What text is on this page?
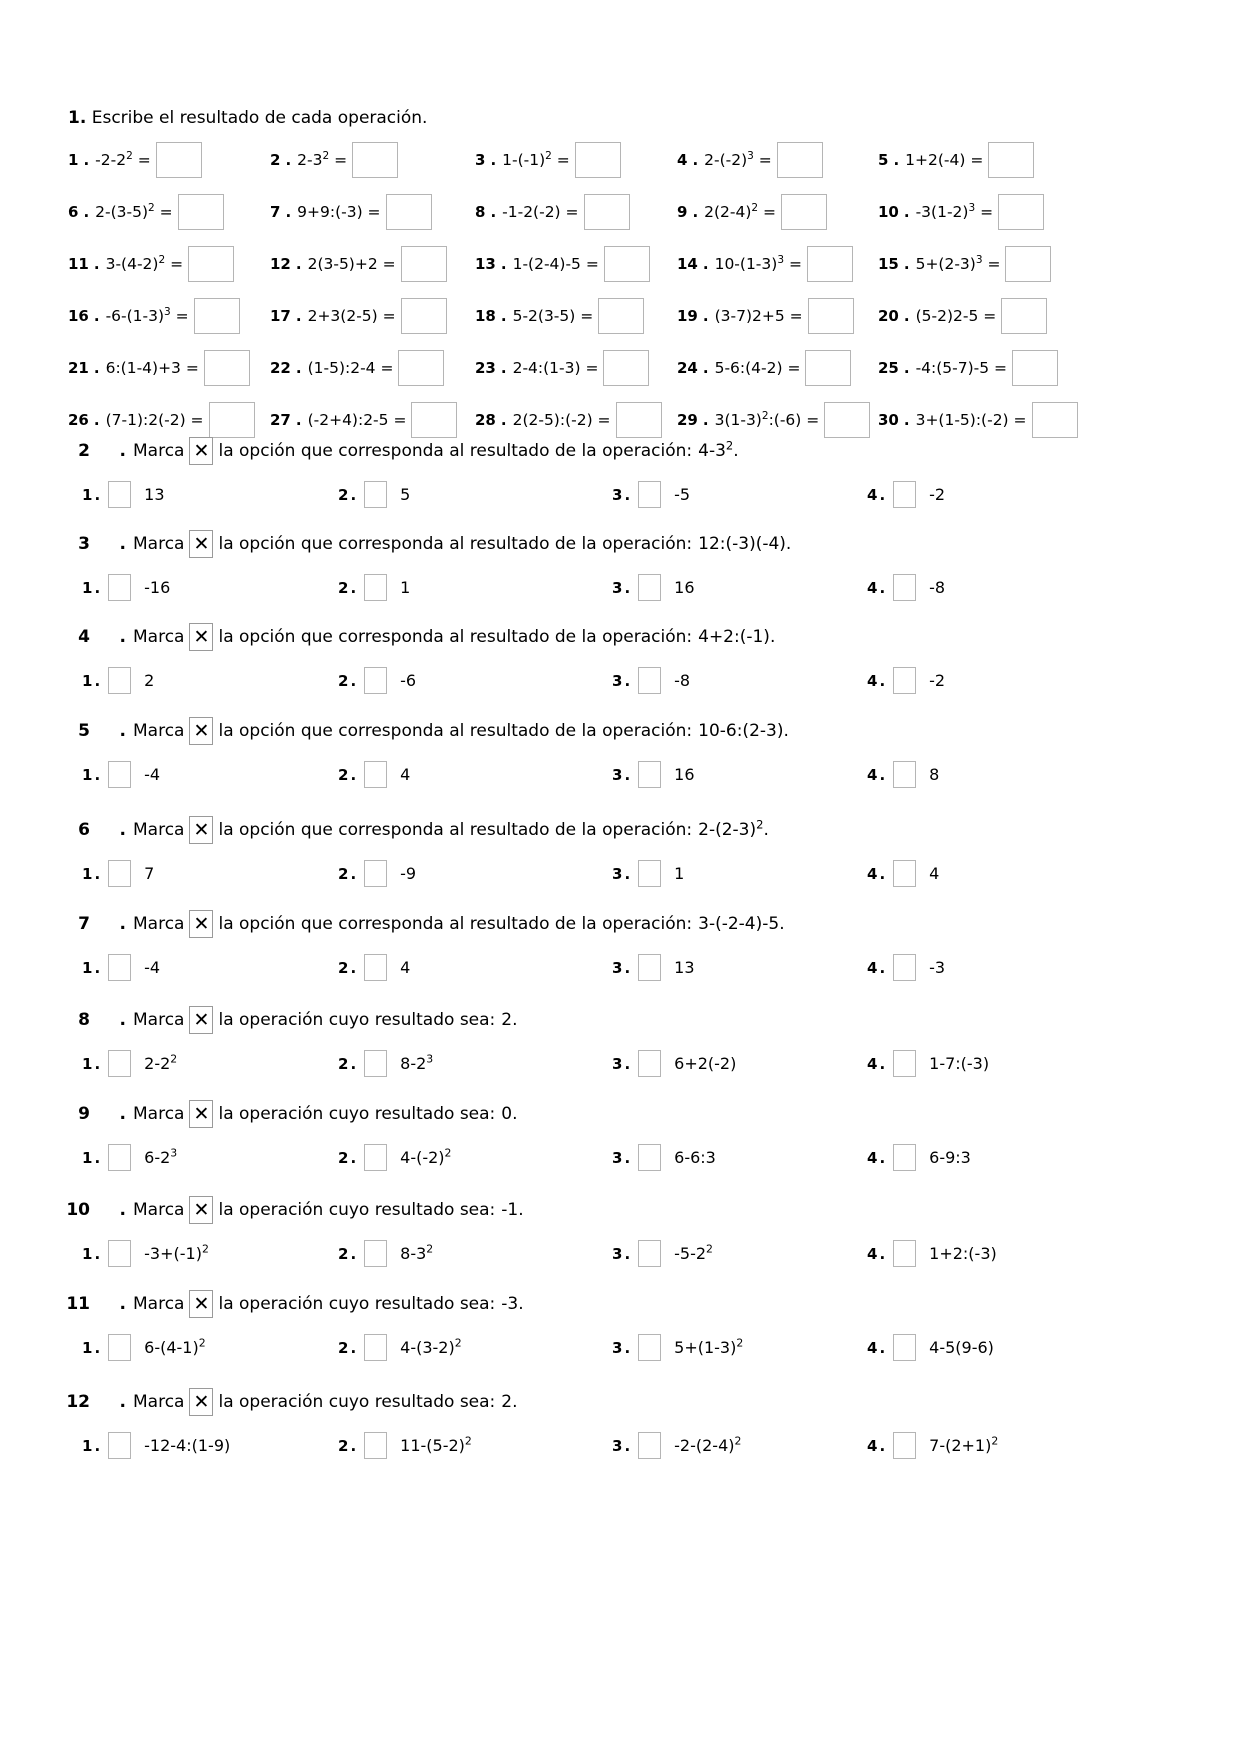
1. Escribe el resultado de cada operación.
1 . $-2-2^2$ =	2 . $2-3^2$ =	3 . $1-(-1)^2$ =	4 . $2-(-2)^3$ =	5 . 1+2(-4) =
6 . $2-(3-5)^2$ =	7 . 9+9:(-3) =	8 . -1-2(-2) =	9 . $2(2-4)^2$ =	10 . $-3(1-2)^3$ =
11 . $3-(4-2)^2$ =	12 . 2(3-5)+2 =	13 . 1-(2-4)-5 =	14 . $10-(1-3)^3$ =	15 . $5+(2-3)^3$ =
16 . $-6-(1-3)^3$ =	17 . 2+3(2-5) =	18 . 5-2(3-5) =	19 . (3-7)2+5 =	20 . (5-2)2-5 =
21 . 6:(1-4)+3 =	22 . (1-5):2-4 =	23 . 2-4:(1-3) =	24 . 5-6:(4-2) =	25 . -4:(5-7)-5 =
26 . (7-1):2(-2) =	27 . (-2+4):2-5 =	28 . 2(2-5):(-2) =	29 . $3(1-3)^2:(-6)$ =	30 . 3+(1-5):(-2) =
2	. Marca ✕ la opción que corresponda al resultado de la operación: $4-3^2$.
1 .	13	2 .	5	3 .	-5	4 .	-2
3	. Marca ✕ la opción que corresponda al resultado de la operación: 12:(-3)(-4).
1 .	-16	2 .	1	3 .	16	4 .	-8
4	. Marca ✕ la opción que corresponda al resultado de la operación: 4+2:(-1).
1 .	2	2 .	-6	3 .	-8	4 .	-2
5	. Marca ✕ la opción que corresponda al resultado de la operación: 10-6:(2-3).
1 .	-4	2 .	4	3 .	16	4 .	8
6	. Marca ✕ la opción que corresponda al resultado de la operación: $2-(2-3)^2$.
1 .	7	2 .	-9	3 .	1	4 .	4
7	. Marca ✕ la opción que corresponda al resultado de la operación: 3-(-2-4)-5.
1 .	-4	2 .	4	3 .	13	4 .	-3
8	. Marca ✕ la operación cuyo resultado sea: 2.
1 .	$2-2^2$	2 .	$8-2^3$	3 .	6+2(-2)	4 .	1-7:(-3)
9	. Marca ✕ la operación cuyo resultado sea: 0.
1 .	$6-2^3$	2 .	$4-(-2)^2$	3 .	6-6:3	4 .	6-9:3
10	. Marca ✕ la operación cuyo resultado sea: -1.
1 .	$-3+(-1)^2$	2 .	$8-3^2$	3 .	$-5-2^2$	4 .	1+2:(-3)
11	. Marca ✕ la operación cuyo resultado sea: -3.
1 .	$6-(4-1)^2$	2 .	$4-(3-2)^2$	3 .	$5+(1-3)^2$	4 .	4-5(9-6)
12	. Marca ✕ la operación cuyo resultado sea: 2.
1 .	-12-4:(1-9)	2 .	$11-(5-2)^2$	3 .	$-2-(2-4)^2$	4 .	$7-(2+1)^2$
